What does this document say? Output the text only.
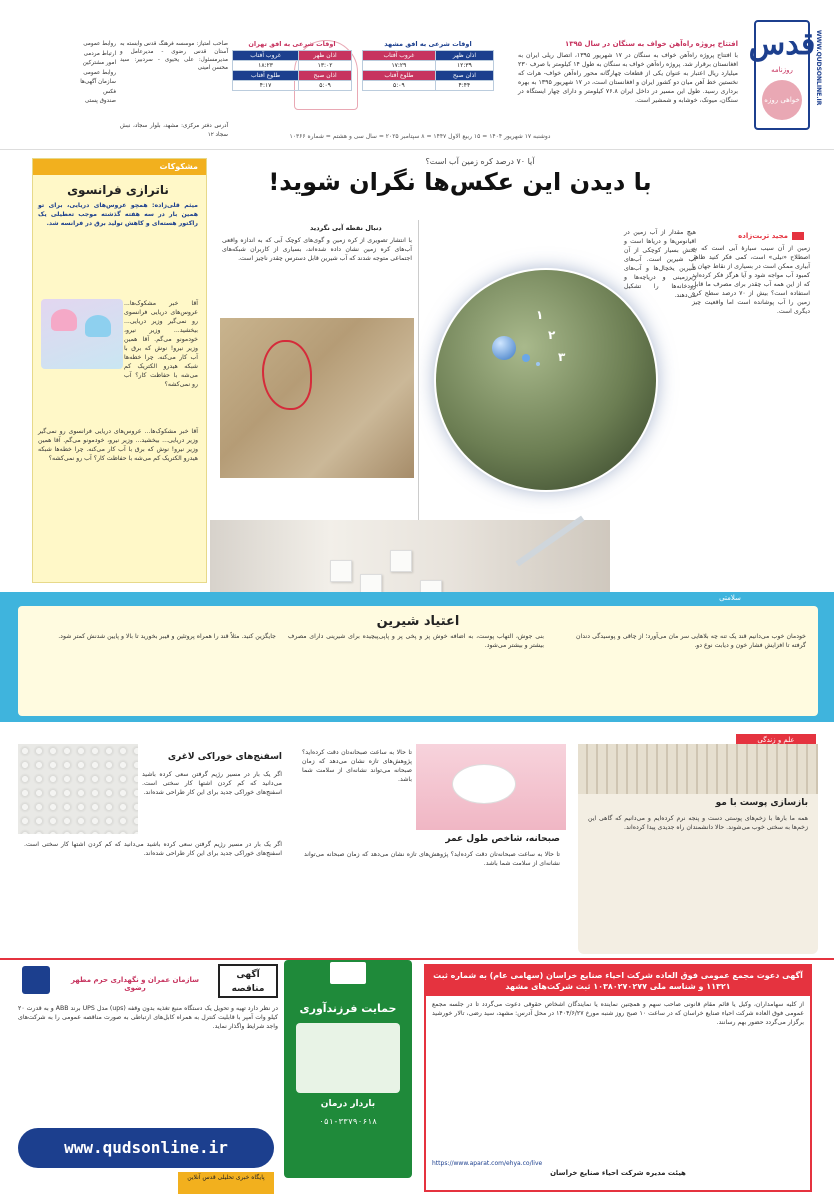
قدس
روزنامه
خواهی روزه	WWW.QUDSONLINE.IR
افتتاح پروژه راه‌آهن خواف به سنگان در سال ۱۳۹۵
با افتتاح پروژه راه‌آهن خواف به سنگان در ۱۷ شهریور ۱۳۹۵، اتصال ریلی ایران به افغانستان برقرار شد. پروژه راه‌آهن خواف به سنگان به طول ۱۴ کیلومتر با صرف ۲۳۰ میلیارد ریال اعتبار به عنوان یکی از قطعات چهارگانه محور راه‌آهن خواف- هرات که نخستین خط آهن میان دو کشور ایران و افغانستان است، در ۱۷ شهریور ۱۳۹۵ به بهره برداری رسید. طول این مسیر در داخل ایران ۷۶.۸ کیلومتر و دارای چهار ایستگاه در سنگان، میونک، خوشابه و شمشیر است.
اوقات شرعی به افق مشهد
اذان ظهر	غروب آفتاب
۱۲:۳۹	۱۷:۲۹
اذان صبح	طلوع آفتاب
۴:۴۴	۵:۰۹
اوقات شرعی به افق تهران
اذان ظهر	غروب آفتاب
۱۳:۰۲	۱۸:۲۳
اذان صبح	طلوع آفتاب
۵:۰۹	۴:۱۷
صاحب امتیاز: موسسه فرهنگ قدس وابسته به آستان قدس رضوی - مدیرعامل و مدیرمسئول: علی یحیوی - سردبیر: سید محسن امینی
روابط عمومی
ارتباط مردمی
امور مشترکین
روابط عمومی
سازمان آگهی‌ها
فکس
صندوق پستی
آدرس دفتر مرکزی: مشهد، بلوار سجاد، نبش سجاد ۱۲	دوشنبه ۱۷ شهریور ۱۴۰۴ = ۱۵ ربیع الاول ۱۴۴۷ = ۸ سپتامبر ۲۰۲۵ = سال سی و هشتم = شماره ۱۰۳۶۶
آیا ۷۰ درصد کره زمین آب است؟
با دیدن این عکس‌ها نگران شوید!
مجید تربت‌زاده
زمین از آن سیب سیارهٔ آبی است که به اصطلاح «نیلی» است، کمی فکر کنید ظاهر آبیاری ممکن است در بسیاری از نقاط جهان با کمبود آب مواجه شود و آیا هرگز فکر کرده‌اید که از این همه آب چقدر برای مصرف ما قابل استفاده است؟ بیش از ۷۰ درصد سطح کره زمین را آب پوشانده است اما واقعیت چیز دیگری است.
هیچ مقدار از آب زمین در اقیانوس‌ها و دریاها است و بخش بسیار کوچکی از آن آب شیرین است. آب‌های شیرین یخچال‌ها و آب‌های زیرزمینی و دریاچه‌ها و رودخانه‌ها را تشکیل می‌دهند.
۱
۲
۳
دنبال نقطه آبی نگردید
با انتشار تصویری از کره زمین و گوی‌های کوچک آبی که به اندازه واقعی آب‌های کره زمین نشان داده شده‌اند، بسیاری از کاربران شبکه‌های اجتماعی متوجه شدند که آب شیرین قابل دسترس چقدر ناچیز است.
مشکوکات
ناترازی فرانسوی
میثم قلی‌زاده: همچو عروس‌های دریایی، برای تو همین بار در سه هفته گذشته موجب تعطیلی یک راکتور هسته‌ای و کاهش تولید برق در فرانسه شد.
آقا خبر مشکوک‌ها... عروس‌های دریایی فرانسوی رو نمی‌گیر وزیر دریایی... بیخشید... وزیر نیرو، خودمونو می‌گم. آقا همین وزیر نیرو! نوش که برق با آب کار می‌کنه. چرا خطه‌ها شبکه هیدرو الکتریک کم می‌شه با حفاظت کار؟ آب رو نمی‌کشه؟
آقا خبر مشکوک‌ها... عروس‌های دریایی فرانسوی رو نمی‌گیر وزیر دریایی... بیخشید... وزیر نیرو، خودمونو می‌گم. آقا همین وزیر نیرو! نوش که برق با آب کار می‌کنه. چرا خطه‌ها شبکه هیدرو الکتریک کم می‌شه با حفاظت کار؟ آب رو نمی‌کشه؟
سلامتی
اعتیاد شیرین
خودمان خوب می‌دانیم قند یک تنه چه بلاهایی سر مان می‌آورد؛ از چاقی و پوسیدگی دندان گرفته تا افزایش فشار خون و دیابت نوع دو.
بنی جوش، التهاب پوست، به اضافه خوش پز و پخی پر و پاپی‌پیچیده برای شیرینی دارای مصرف بیشتر و بیشتر می‌شود.
جایگزین کنید. مثلاً قند را همراه پروتئین و فیبر بخورید تا بالا و پایین شدنش کمتر شود.
علم و زندگی
بازسازی پوست با مو
همه ما بارها با زخم‌های پوستی دست و پنجه نرم کرده‌ایم و می‌دانیم که گاهی این زخم‌ها به سختی خوب می‌شوند. حالا دانشمندان راه جدیدی پیدا کرده‌اند.
صبحانه، شاخص طول عمر
تا حالا به ساعت صبحانه‌تان دقت کرده‌اید؟ پژوهش‌های تازه نشان می‌دهد که زمان صبحانه می‌تواند نشانه‌ای از سلامت شما باشد.
تا حالا به ساعت صبحانه‌تان دقت کرده‌اید؟ پژوهش‌های تازه نشان می‌دهد که زمان صبحانه می‌تواند نشانه‌ای از سلامت شما باشد.
اسفنج‌های خوراکی لاغری
اگر یک بار در مسیر رژیم گرفتن سعی کرده باشید می‌دانید که کم کردن اشتها کار سختی است. اسفنج‌های خوراکی جدید برای این کار طراحی شده‌اند.
اگر یک بار در مسیر رژیم گرفتن سعی کرده باشید می‌دانید که کم کردن اشتها کار سختی است. اسفنج‌های خوراکی جدید برای این کار طراحی شده‌اند.
آگهی دعوت مجمع عمومی فوق العاده شرکت احیاء صنایع خراسان (سهامی عام) به شماره ثبت ۱۱۳۲۱ و شناسه ملی ۱۰۳۸۰۲۷۰۲۷۷ ثبت شرکت‌های مشهد
از کلیه سهامداران، وکیل یا قائم مقام قانونی صاحب سهم و همچنین نماینده یا نمایندگان اشخاص حقوقی دعوت می‌گردد تا در جلسه مجمع عمومی فوق العاده شرکت احیاء صنایع خراسان که در ساعت ۱۰ صبح روز شنبه مورخ ۱۴۰۴/۶/۲۷ در محل آدرس: مشهد، سید رضی، تالار خورشید برگزار می‌گردد حضور بهم رسانند.
https://www.aparat.com/ehya.co/live
هیئت مدیره شرکت احیاء صنایع خراسان
حمایت فرزندآوری
باردار درمان
۰۵۱-۳۳۷۹۰۶۱۸
آگهی مناقصه
سازمان عمران و نگهداری حرم مطهر رضوی
در نظر دارد تهیه و تحویل یک دستگاه منبع تغذیه بدون وقفه (ups) مدل UPS برند ABB و به قدرت ۲۰ کیلو وات آمپر با قابلیت کنترل به همراه کابل‌های ارتباطی به صورت مناقصه عمومی را به شرکت‌های واجد شرایط واگذار نماید.
www.qudsonline.ir
پایگاه خبری تحلیلی قدس آنلاین
